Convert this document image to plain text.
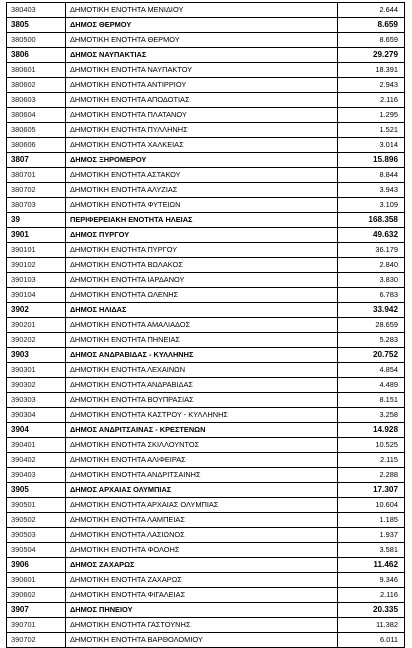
380403	ΔΗΜΟΤΙΚΗ ΕΝΟΤΗΤΑ ΜΕΝΙΔΙΟΥ	2.644
3805	ΔΗΜΟΣ ΘΕΡΜΟΥ	8.659
380500	ΔΗΜΟΤΙΚΗ ΕΝΟΤΗΤΑ ΘΕΡΜΟΥ	8.659
3806	ΔΗΜΟΣ ΝΑΥΠΑΚΤΙΑΣ	29.279
380601	ΔΗΜΟΤΙΚΗ ΕΝΟΤΗΤΑ ΝΑΥΠΑΚΤΟΥ	18.391
380602	ΔΗΜΟΤΙΚΗ ΕΝΟΤΗΤΑ ΑΝΤΙΡΡΙΟΥ	2.943
380603	ΔΗΜΟΤΙΚΗ ΕΝΟΤΗΤΑ ΑΠΟΔΟΤΙΑΣ	2.116
380604	ΔΗΜΟΤΙΚΗ ΕΝΟΤΗΤΑ ΠΛΑΤΑΝΟΥ	1.295
380605	ΔΗΜΟΤΙΚΗ ΕΝΟΤΗΤΑ ΠΥΛΛΗΝΗΣ	1.521
380606	ΔΗΜΟΤΙΚΗ ΕΝΟΤΗΤΑ ΧΑΛΚΕΙΑΣ	3.014
3807	ΔΗΜΟΣ ΞΗΡΟΜΕΡΟΥ	15.896
380701	ΔΗΜΟΤΙΚΗ ΕΝΟΤΗΤΑ ΑΣΤΑΚΟΥ	8.844
380702	ΔΗΜΟΤΙΚΗ ΕΝΟΤΗΤΑ ΑΛΥΖΙΑΣ	3.943
380703	ΔΗΜΟΤΙΚΗ ΕΝΟΤΗΤΑ ΦΥΤΕΙΩΝ	3.109
39	ΠΕΡΙΦΕΡΕΙΑΚΗ ΕΝΟΤΗΤΑ ΗΛΕΙΑΣ	168.358
3901	ΔΗΜΟΣ ΠΥΡΓΟΥ	49.632
390101	ΔΗΜΟΤΙΚΗ ΕΝΟΤΗΤΑ ΠΥΡΓΟΥ	36.179
390102	ΔΗΜΟΤΙΚΗ ΕΝΟΤΗΤΑ ΒΩΛΑΚΟΣ	2.840
390103	ΔΗΜΟΤΙΚΗ ΕΝΟΤΗΤΑ ΙΑΡΔΑΝΟΥ	3.830
390104	ΔΗΜΟΤΙΚΗ ΕΝΟΤΗΤΑ ΩΛΕΝΗΣ	6.783
3902	ΔΗΜΟΣ ΗΛΙΔΑΣ	33.942
390201	ΔΗΜΟΤΙΚΗ ΕΝΟΤΗΤΑ ΑΜΑΛΙΑΔΟΣ	28.659
390202	ΔΗΜΟΤΙΚΗ ΕΝΟΤΗΤΑ ΠΗΝΕΙΑΣ	5.283
3903	ΔΗΜΟΣ ΑΝΔΡΑΒΙΔΑΣ - ΚΥΛΛΗΝΗΣ	20.752
390301	ΔΗΜΟΤΙΚΗ ΕΝΟΤΗΤΑ ΛΕΧΑΙΝΩΝ	4.854
390302	ΔΗΜΟΤΙΚΗ ΕΝΟΤΗΤΑ ΑΝΔΡΑΒΙΔΑΣ	4.489
390303	ΔΗΜΟΤΙΚΗ ΕΝΟΤΗΤΑ ΒΟΥΠΡΑΣΙΑΣ	8.151
390304	ΔΗΜΟΤΙΚΗ ΕΝΟΤΗΤΑ ΚΑΣΤΡΟΥ - ΚΥΛΛΗΝΗΣ	3.258
3904	ΔΗΜΟΣ ΑΝΔΡΙΤΣΑΙΝΑΣ - ΚΡΕΣΤΕΝΩΝ	14.928
390401	ΔΗΜΟΤΙΚΗ ΕΝΟΤΗΤΑ ΣΚΙΛΛΟΥΝΤΟΣ	10.525
390402	ΔΗΜΟΤΙΚΗ ΕΝΟΤΗΤΑ ΑΛΙΦΕΙΡΑΣ	2.115
390403	ΔΗΜΟΤΙΚΗ ΕΝΟΤΗΤΑ ΑΝΔΡΙΤΣΑΙΝΗΣ	2.288
3905	ΔΗΜΟΣ ΑΡΧΑΙΑΣ ΟΛΥΜΠΙΑΣ	17.307
390501	ΔΗΜΟΤΙΚΗ ΕΝΟΤΗΤΑ ΑΡΧΑΙΑΣ ΟΛΥΜΠΙΑΣ	10.604
390502	ΔΗΜΟΤΙΚΗ ΕΝΟΤΗΤΑ ΛΑΜΠΕΙΑΣ	1.185
390503	ΔΗΜΟΤΙΚΗ ΕΝΟΤΗΤΑ ΛΑΣΙΩΝΟΣ	1.937
390504	ΔΗΜΟΤΙΚΗ ΕΝΟΤΗΤΑ ΦΟΛΟΗΣ	3.581
3906	ΔΗΜΟΣ ΖΑΧΑΡΩΣ	11.462
390601	ΔΗΜΟΤΙΚΗ ΕΝΟΤΗΤΑ ΖΑΧΑΡΩΣ	9.346
390602	ΔΗΜΟΤΙΚΗ ΕΝΟΤΗΤΑ ΦΙΓΑΛΕΙΑΣ	2.116
3907	ΔΗΜΟΣ ΠΗΝΕΙΟΥ	20.335
390701	ΔΗΜΟΤΙΚΗ ΕΝΟΤΗΤΑ ΓΑΣΤΟΥΝΗΣ	11.382
390702	ΔΗΜΟΤΙΚΗ ΕΝΟΤΗΤΑ ΒΑΡΘΟΛΟΜΙΟΥ	6.011
